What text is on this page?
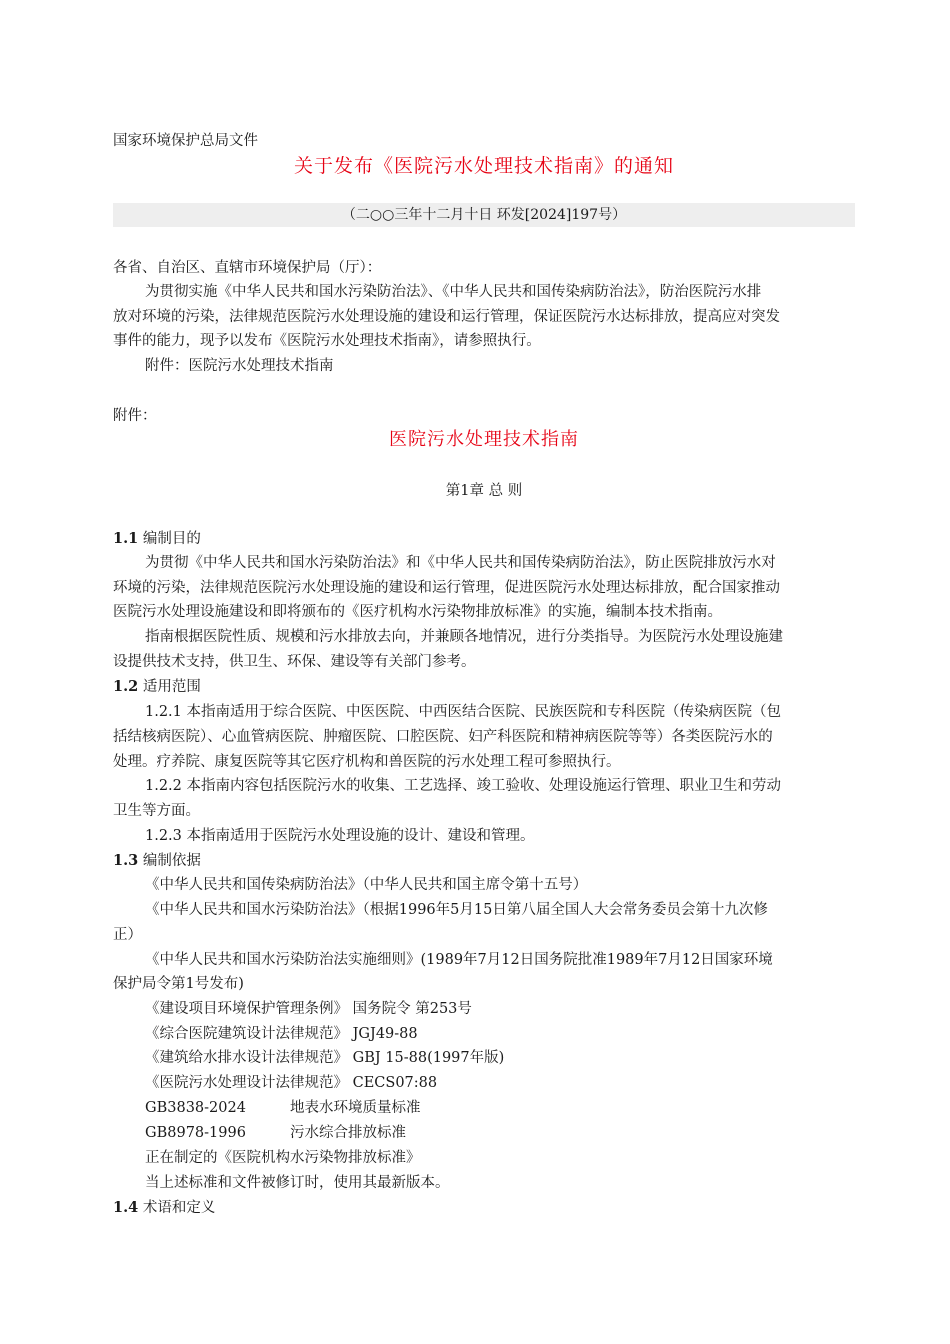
国家环境保护总局文件
关于发布《医院污水处理技术指南》的通知
（二○○三年十二月十日 环发[2024]197号）
各省、自治区、直辖市环境保护局（厅）：
为贯彻实施《中华人民共和国水污染防治法》、《中华人民共和国传染病防治法》，防治医院污水排
放对环境的污染，法律规范医院污水处理设施的建设和运行管理，保证医院污水达标排放，提高应对突发
事件的能力，现予以发布《医院污水处理技术指南》，请参照执行。
附件：医院污水处理技术指南
附件：
医院污水处理技术指南
第1章 总 则
1.1 编制目的
为贯彻《中华人民共和国水污染防治法》和《中华人民共和国传染病防治法》，防止医院排放污水对
环境的污染，法律规范医院污水处理设施的建设和运行管理，促进医院污水处理达标排放，配合国家推动
医院污水处理设施建设和即将颁布的《医疗机构水污染物排放标准》的实施，编制本技术指南。
指南根据医院性质、规模和污水排放去向，并兼顾各地情况，进行分类指导。为医院污水处理设施建
设提供技术支持，供卫生、环保、建设等有关部门参考。
1.2 适用范围
1.2.1 本指南适用于综合医院、中医医院、中西医结合医院、民族医院和专科医院（传染病医院（包
括结核病医院）、心血管病医院、肿瘤医院、口腔医院、妇产科医院和精神病医院等等）各类医院污水的
处理。疗养院、康复医院等其它医疗机构和兽医院的污水处理工程可参照执行。
1.2.2 本指南内容包括医院污水的收集、工艺选择、竣工验收、处理设施运行管理、职业卫生和劳动
卫生等方面。
1.2.3 本指南适用于医院污水处理设施的设计、建设和管理。
1.3 编制依据
《中华人民共和国传染病防治法》（中华人民共和国主席令第十五号）
《中华人民共和国水污染防治法》（根据1996年5月15日第八届全国人大会常务委员会第十九次修
正）
《中华人民共和国水污染防治法实施细则》(1989年7月12日国务院批准1989年7月12日国家环境
保护局令第1号发布)
《建设项目环境保护管理条例》 国务院令 第253号
《综合医院建筑设计法律规范》 JGJ49-88
《建筑给水排水设计法律规范》 GBJ 15-88(1997年版)
《医院污水处理设计法律规范》 CECS07:88
GB3838-2024	地表水环境质量标准
GB8978-1996	污水综合排放标准
正在制定的《医院机构水污染物排放标准》
当上述标准和文件被修订时，使用其最新版本。
1.4 术语和定义
